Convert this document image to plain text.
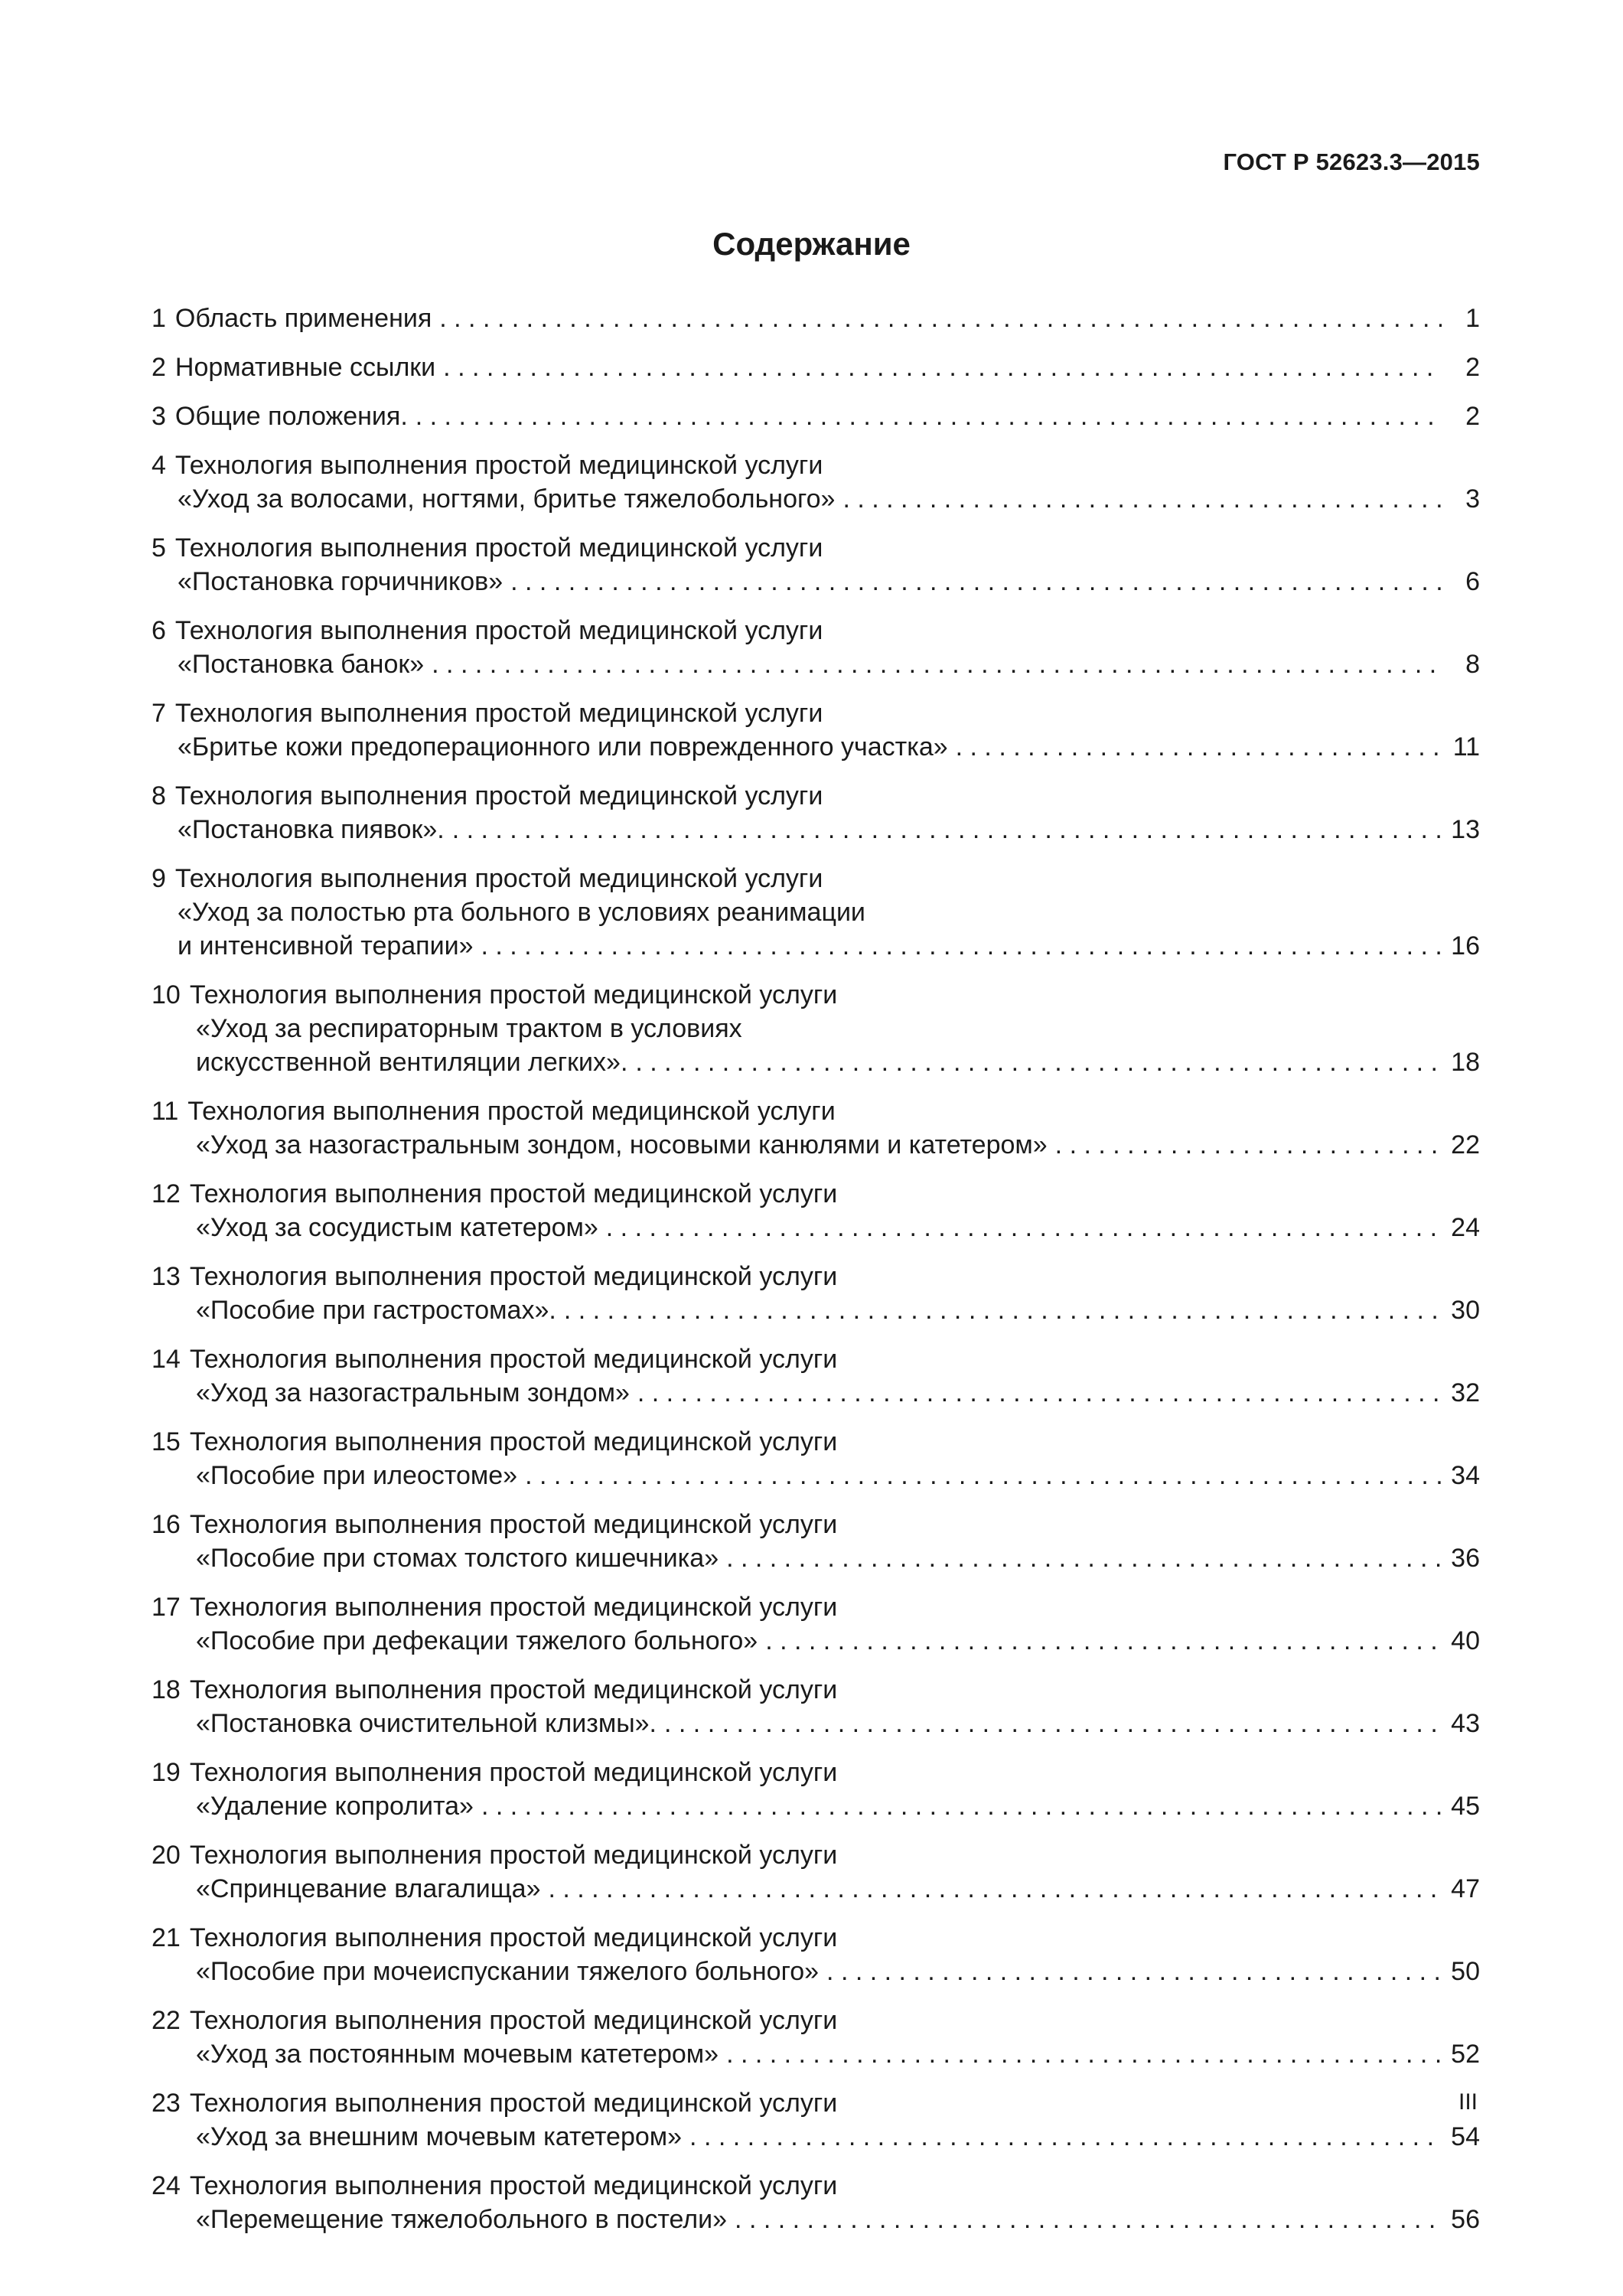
ГОСТ Р 52623.3—2015
Содержание
1 Область применения . . .	1
2 Нормативные ссылки . . .	2
3 Общие положения. . . .	2
4 Технология выполнения простой медицинской услуги
«Уход за волосами, ногтями, бритье тяжелобольного» . . .	3
5 Технология выполнения простой медицинской услуги
«Постановка горчичников» . . .	6
6 Технология выполнения простой медицинской услуги
«Постановка банок» . . .	8
7 Технология выполнения простой медицинской услуги
«Бритье кожи предоперационного или поврежденного участка» . . .	11
8 Технология выполнения простой медицинской услуги
«Постановка пиявок». . . .	13
9 Технология выполнения простой медицинской услуги
«Уход за полостью рта больного в условиях реанимации
и интенсивной терапии» . . .	16
10 Технология выполнения простой медицинской услуги
«Уход за респираторным трактом в условиях
искусственной вентиляции легких». . . .	18
11 Технология выполнения простой медицинской услуги
«Уход за назогастральным зондом, носовыми канюлями и катетером» . . .	22
12 Технология выполнения простой медицинской услуги
«Уход за сосудистым катетером» . . .	24
13 Технология выполнения простой медицинской услуги
«Пособие при гастростомах». . . .	30
14 Технология выполнения простой медицинской услуги
«Уход за назогастральным зондом» . . .	32
15 Технология выполнения простой медицинской услуги
«Пособие при илеостоме» . . .	34
16 Технология выполнения простой медицинской услуги
«Пособие при стомах толстого кишечника» . . .	36
17 Технология выполнения простой медицинской услуги
«Пособие при дефекации тяжелого больного» . . .	40
18 Технология выполнения простой медицинской услуги
«Постановка очистительной клизмы». . . .	43
19 Технология выполнения простой медицинской услуги
«Удаление копролита» . . .	45
20 Технология выполнения простой медицинской услуги
«Спринцевание влагалища» . . .	47
21 Технология выполнения простой медицинской услуги
«Пособие при мочеиспускании тяжелого больного» . . .	50
22 Технология выполнения простой медицинской услуги
«Уход за постоянным мочевым катетером» . . .	52
23 Технология выполнения простой медицинской услуги
«Уход за внешним мочевым катетером» . . .	54
24 Технология выполнения простой медицинской услуги
«Перемещение тяжелобольного в постели» . . .	56
III
